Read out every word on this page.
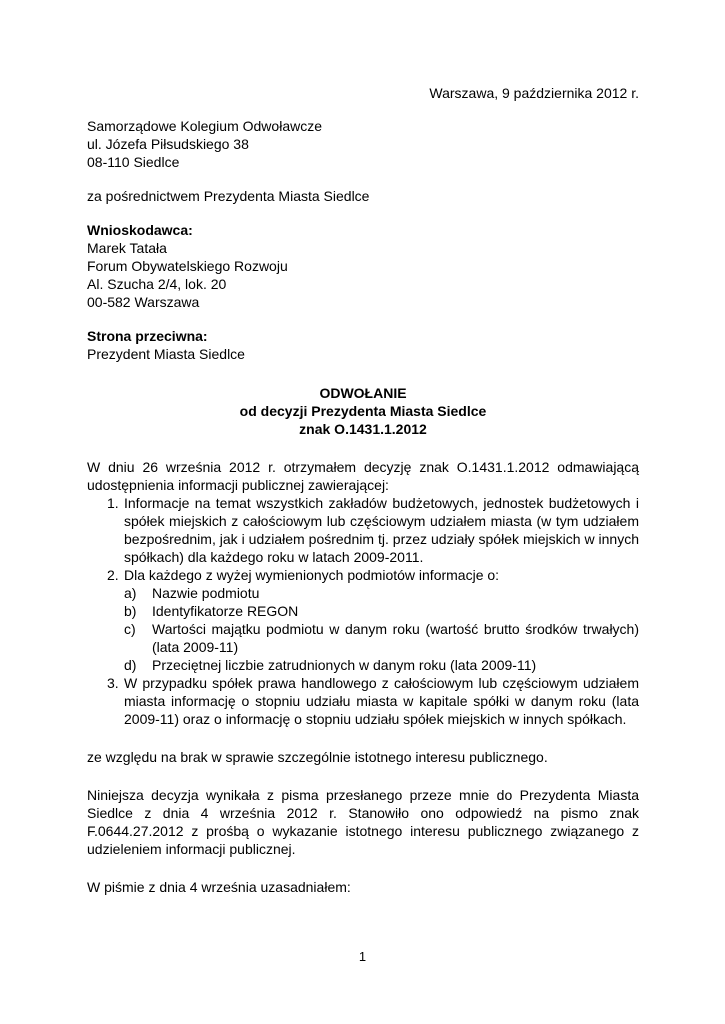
Warszawa, 9 października 2012 r.
Samorządowe Kolegium Odwoławcze
ul. Józefa Piłsudskiego 38
08-110 Siedlce
za pośrednictwem Prezydenta Miasta Siedlce
Wnioskodawca:
Marek Tatała
Forum Obywatelskiego Rozwoju
Al. Szucha 2/4, lok. 20
00-582 Warszawa
Strona przeciwna:
Prezydent Miasta Siedlce
ODWOŁANIE
od decyzji Prezydenta Miasta Siedlce
znak O.1431.1.2012
W dniu 26 września 2012 r. otrzymałem decyzję znak O.1431.1.2012 odmawiającą udostępnienia informacji publicznej zawierającej:
1. Informacje na temat wszystkich zakładów budżetowych, jednostek budżetowych i spółek miejskich z całościowym lub częściowym udziałem miasta (w tym udziałem bezpośrednim, jak i udziałem pośrednim tj. przez udziały spółek miejskich w innych spółkach) dla każdego roku w latach 2009-2011.
2. Dla każdego z wyżej wymienionych podmiotów informacje o:
a) Nazwie podmiotu
b) Identyfikatorze REGON
c) Wartości majątku podmiotu w danym roku (wartość brutto środków trwałych) (lata 2009-11)
d) Przeciętnej liczbie zatrudnionych w danym roku (lata 2009-11)
3. W przypadku spółek prawa handlowego z całościowym lub częściowym udziałem miasta informację o stopniu udziału miasta w kapitale spółki w danym roku (lata 2009-11) oraz o informację o stopniu udziału spółek miejskich w innych spółkach.
ze względu na brak w sprawie szczególnie istotnego interesu publicznego.
Niniejsza decyzja wynikała z pisma przesłanego przeze mnie do Prezydenta Miasta Siedlce z dnia 4 września 2012 r. Stanowiło ono odpowiedź na pismo znak F.0644.27.2012 z prośbą o wykazanie istotnego interesu publicznego związanego z udzieleniem informacji publicznej.
W piśmie z dnia 4 września uzasadniałem:
1
